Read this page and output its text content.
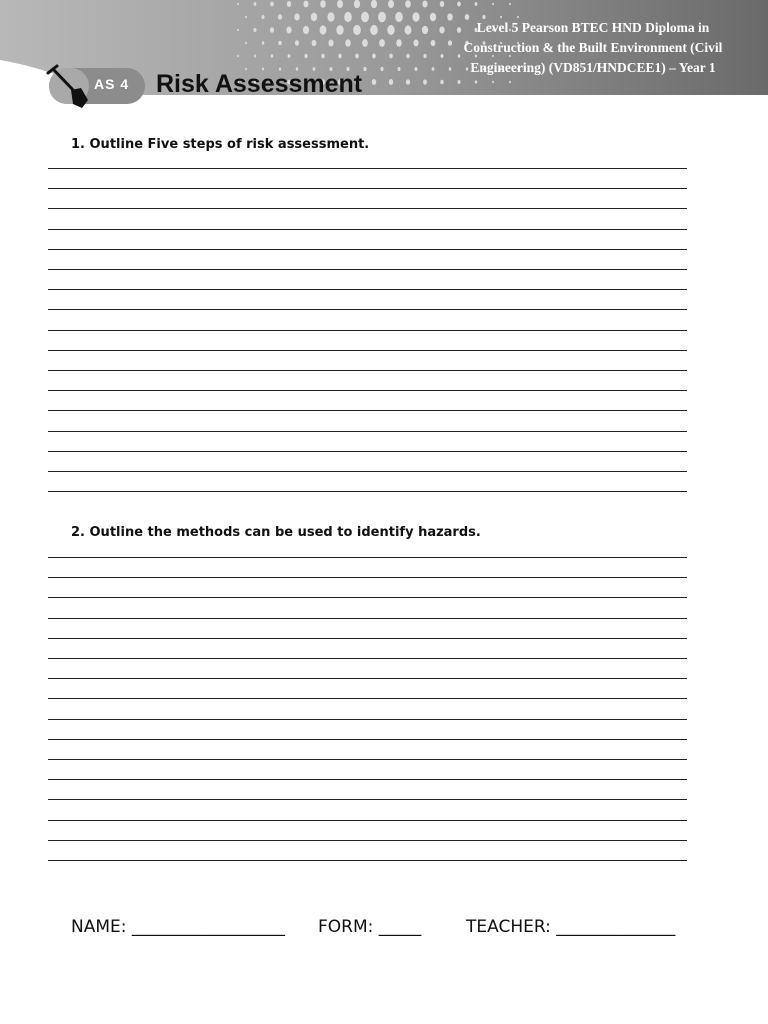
Level 5 Pearson BTEC HND Diploma in Construction & the Built Environment (Civil Engineering) (VD851/HNDCEE1) – Year 1
AS 4 Risk Assessment
1. Outline Five steps of risk assessment.
2. Outline the methods can be used to identify hazards.
NAME: __________________ FORM: _____	TEACHER: ______________
